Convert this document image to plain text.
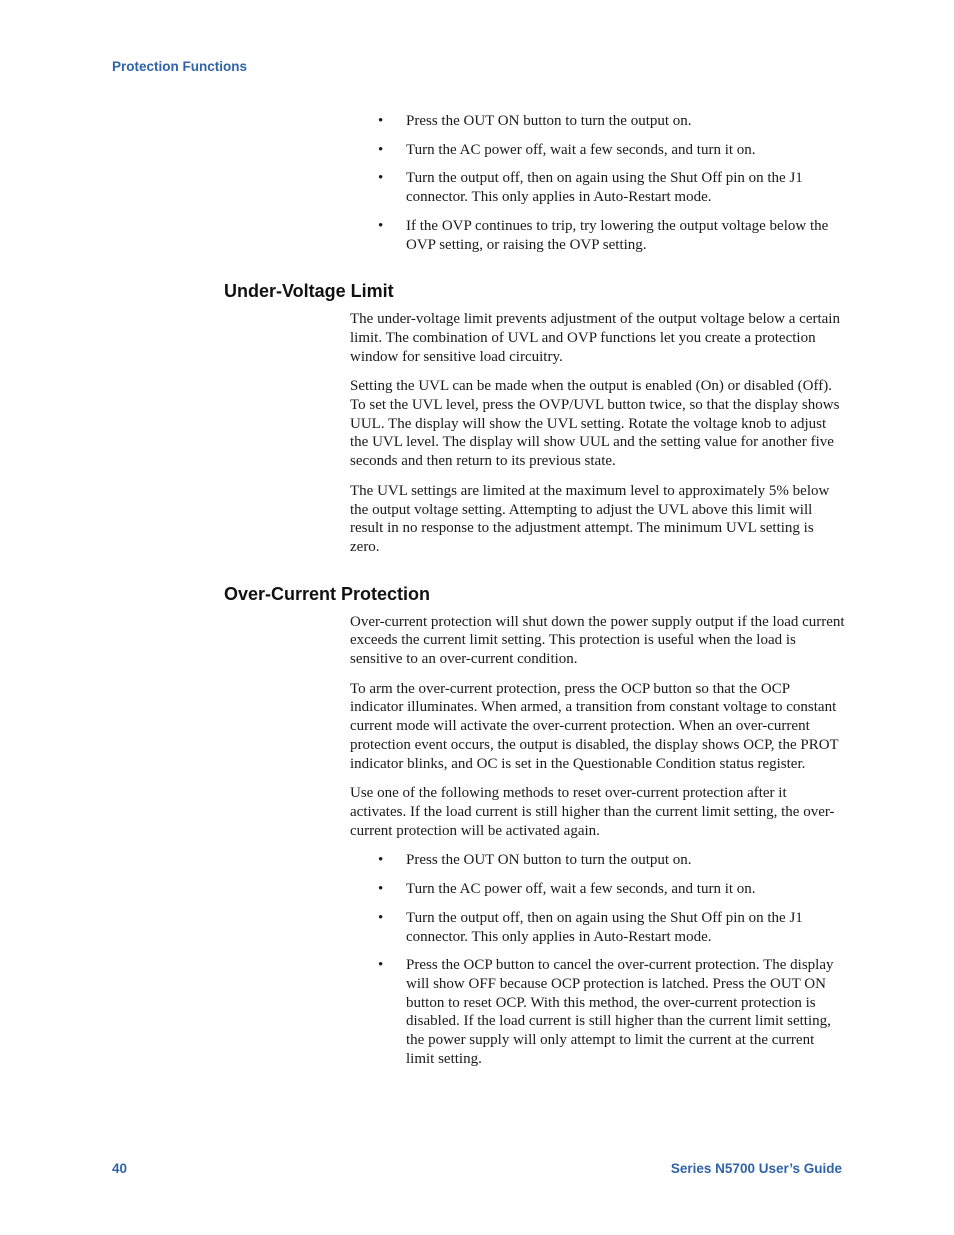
Protection Functions
• Press the OUT ON button to turn the output on.
• Turn the AC power off, wait a few seconds, and turn it on.
• Turn the output off, then on again using the Shut Off pin on the J1 connector. This only applies in Auto-Restart mode.
• If the OVP continues to trip, try lowering the output voltage below the OVP setting, or raising the OVP setting.
Under-Voltage Limit

The under-voltage limit prevents adjustment of the output voltage below a certain limit. The combination of UVL and OVP functions let you create a protection window for sensitive load circuitry.

Setting the UVL can be made when the output is enabled (On) or disabled (Off). To set the UVL level, press the OVP/UVL button twice, so that the display shows UUL. The display will show the UVL setting. Rotate the voltage knob to adjust the UVL level. The display will show UUL and the setting value for another five seconds and then return to its previous state.

The UVL settings are limited at the maximum level to approximately 5% below the output voltage setting. Attempting to adjust the UVL above this limit will result in no response to the adjustment attempt. The minimum UVL setting is zero.

Over-Current Protection

Over-current protection will shut down the power supply output if the load current exceeds the current limit setting. This protection is useful when the load is sensitive to an over-current condition.

To arm the over-current protection, press the OCP button so that the OCP indicator illuminates. When armed, a transition from constant voltage to constant current mode will activate the over-current protection. When an over-current protection event occurs, the output is disabled, the display shows OCP, the PROT indicator blinks, and OC is set in the Questionable Condition status register.

Use one of the following methods to reset over-current protection after it activates. If the load current is still higher than the current limit setting, the over-current protection will be activated again.

• Press the OUT ON button to turn the output on.
• Turn the AC power off, wait a few seconds, and turn it on.
• Turn the output off, then on again using the Shut Off pin on the J1 connector. This only applies in Auto-Restart mode.
• Press the OCP button to cancel the over-current protection. The display will show OFF because OCP protection is latched. Press the OUT ON button to reset OCP. With this method, the over-current protection is disabled. If the load current is still higher than the current limit setting, the power supply will only attempt to limit the current at the current limit setting.
40	Series N5700 User’s Guide
